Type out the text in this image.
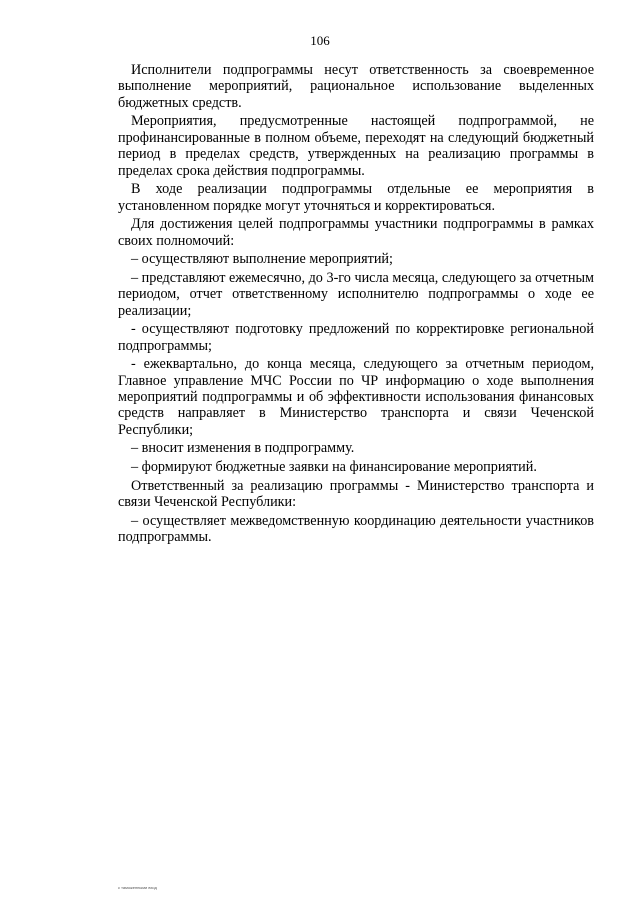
106

Исполнители подпрограммы несут ответственность за своевременное выполнение мероприятий, рациональное использование выделенных бюджетных средств.

Мероприятия, предусмотренные настоящей подпрограммой, не профинансированные в полном объеме, переходят на следующий бюджетный период в пределах средств, утвержденных на реализацию программы в пределах срока действия подпрограммы.

В ходе реализации подпрограммы отдельные ее мероприятия в установленном порядке могут уточняться и корректироваться.

Для достижения целей подпрограммы участники подпрограммы в рамках своих полномочий:

– осуществляют выполнение мероприятий;

– представляют ежемесячно, до 3-го числа месяца, следующего за отчетным периодом, отчет ответственному исполнителю подпрограммы о ходе ее реализации;

- осуществляют подготовку предложений по корректировке региональной подпрограммы;

- ежеквартально, до конца месяца, следующего за отчетным периодом, Главное управление МЧС России по ЧР информацию о ходе выполнения мероприятий подпрограммы и об эффективности использования финансовых средств направляет в Министерство транспорта и связи Чеченской Республики;

– вносит изменения в подпрограмму.

– формируют бюджетные заявки на финансирование мероприятий.

Ответственный за реализацию программы - Министерство транспорта и связи Чеченской Республики:

– осуществляет межведомственную координацию деятельности участников подпрограммы.

с таможенными вход
